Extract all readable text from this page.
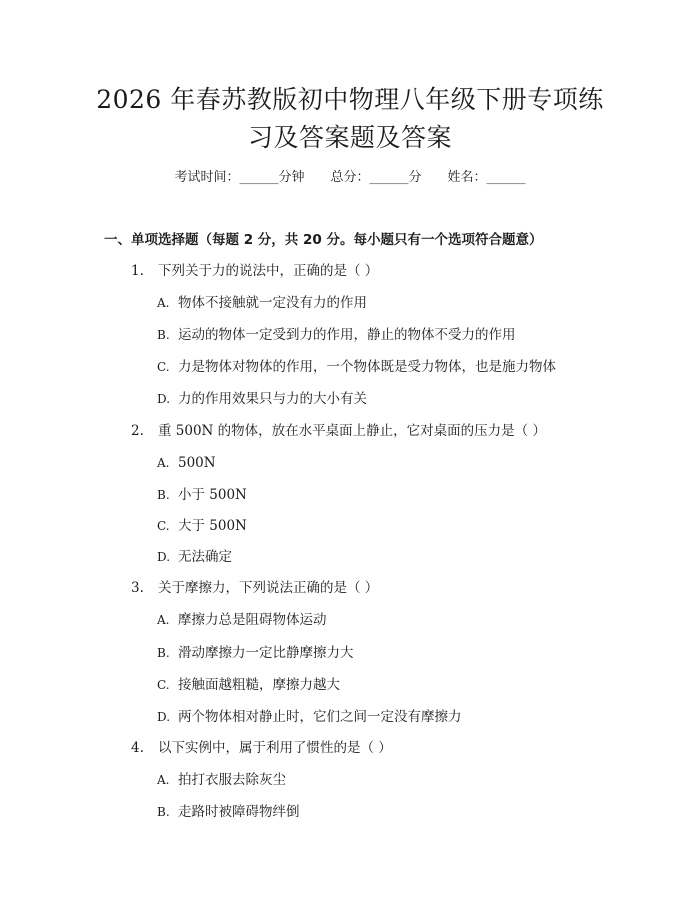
2026 年春苏教版初中物理八年级下册专项练
习及答案题及答案
考试时间：______分钟 总分：______分 姓名：______
一、单项选择题（每题 2 分，共 20 分。每小题只有一个选项符合题意）
1. 下列关于力的说法中，正确的是（ ）
A. 物体不接触就一定没有力的作用
B. 运动的物体一定受到力的作用，静止的物体不受力的作用
C. 力是物体对物体的作用，一个物体既是受力物体，也是施力物体
D. 力的作用效果只与力的大小有关
2. 重 500N 的物体，放在水平桌面上静止，它对桌面的压力是（ ）
A. 500N
B. 小于 500N
C. 大于 500N
D. 无法确定
3. 关于摩擦力，下列说法正确的是（ ）
A. 摩擦力总是阻碍物体运动
B. 滑动摩擦力一定比静摩擦力大
C. 接触面越粗糙，摩擦力越大
D. 两个物体相对静止时，它们之间一定没有摩擦力
4. 以下实例中，属于利用了惯性的是（ ）
A. 拍打衣服去除灰尘
B. 走路时被障碍物绊倒
